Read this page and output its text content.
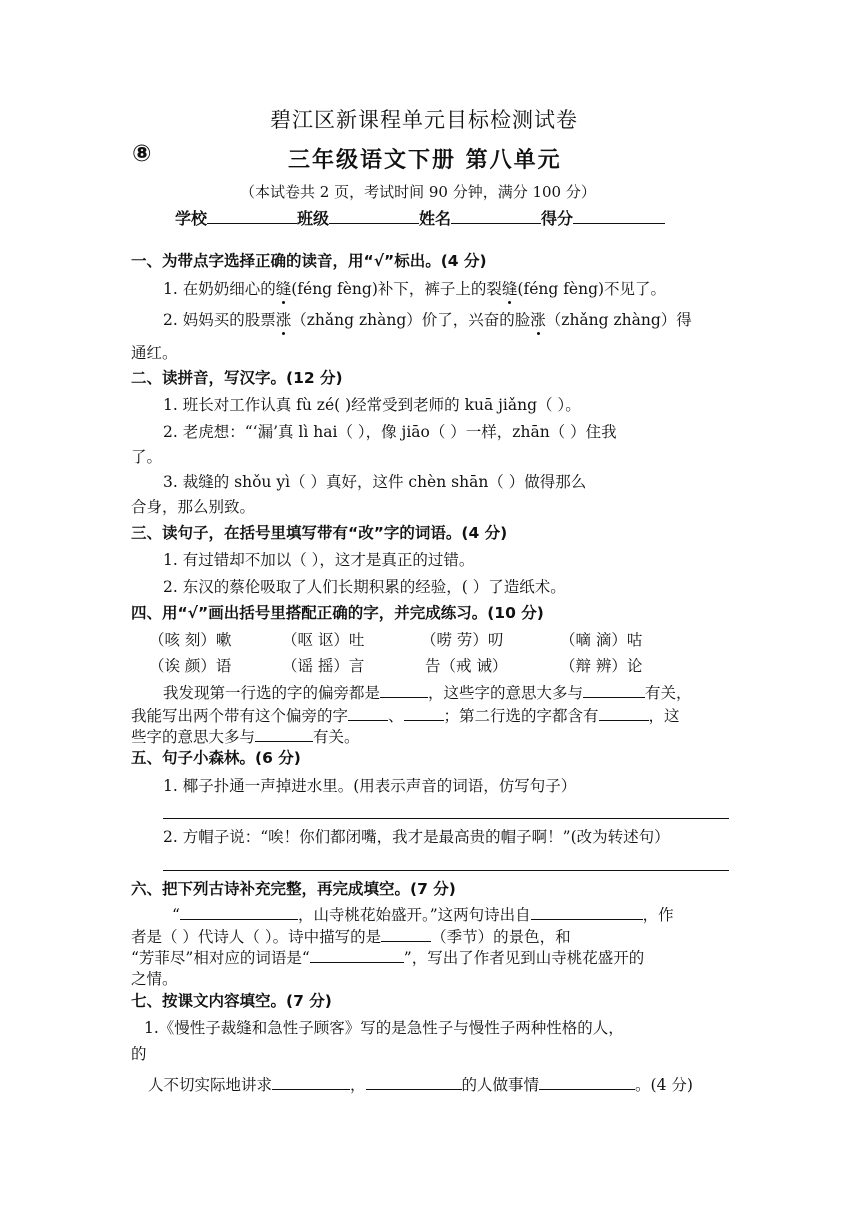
碧江区新课程单元目标检测试卷
⑧	三年级语文下册 第八单元
（本试卷共 2 页，考试时间 90 分钟，满分 100 分）
学校	班级	姓名	得分
一、为带点字选择正确的读音，用“√”标出。(4 分)
1. 在奶奶细心的缝(féng fèng)补下，裤子上的裂缝(féng fèng)不见了。
2. 妈妈买的股票涨（zhǎng zhàng）价了，兴奋的脸涨（zhǎng zhàng）得
通红。
二、读拼音，写汉字。(12 分)
1. 班长对工作认真 fù zé( )经常受到老师的 kuā jiǎng（ ）。
2. 老虎想：“‘漏’真 lì hai（ ），像 jiāo（ ）一样，zhān（ ）住我
了。
3. 裁缝的 shǒu yì（ ）真好，这件 chèn shān（ ）做得那么
合身，那么别致。
三、读句子，在括号里填写带有“改”字的词语。(4 分)
1. 有过错却不加以（ ），这才是真正的过错。
2. 东汉的蔡伦吸取了人们长期积累的经验，( ）了造纸术。
四、用“√”画出括号里搭配正确的字，并完成练习。(10 分)
（咳 刻）嗽	（呕 讴）吐	（唠 劳）叨	（嘀 滴）咕
（诶 颜）语	（谣 摇）言	告（戒 诫）	（辩 辨）论
我发现第一行选的字的偏旁都是	，这些字的意思大多与	有关，
我能写出两个带有这个偏旁的字	、	；第二行选的字都含有	，这
些字的意思大多与	有关。
五、句子小森林。(6 分)
1. 椰子扑通一声掉进水里。(用表示声音的词语，仿写句子）
2. 方帽子说：“唉！你们都闭嘴，我才是最高贵的帽子啊！”(改为转述句）
六、把下列古诗补充完整，再完成填空。(7 分)
“	，山寺桃花始盛开。”这两句诗出自	，作
者是（ ）代诗人（ ）。诗中描写的是	（季节）的景色，和
“芳菲尽”相对应的词语是“	”，写出了作者见到山寺桃花盛开的
之情。
七、按课文内容填空。(7 分)
1.《慢性子裁缝和急性子顾客》写的是急性子与慢性子两种性格的人，
的
人不切实际地讲求	，	的人做事情	。(4 分)
